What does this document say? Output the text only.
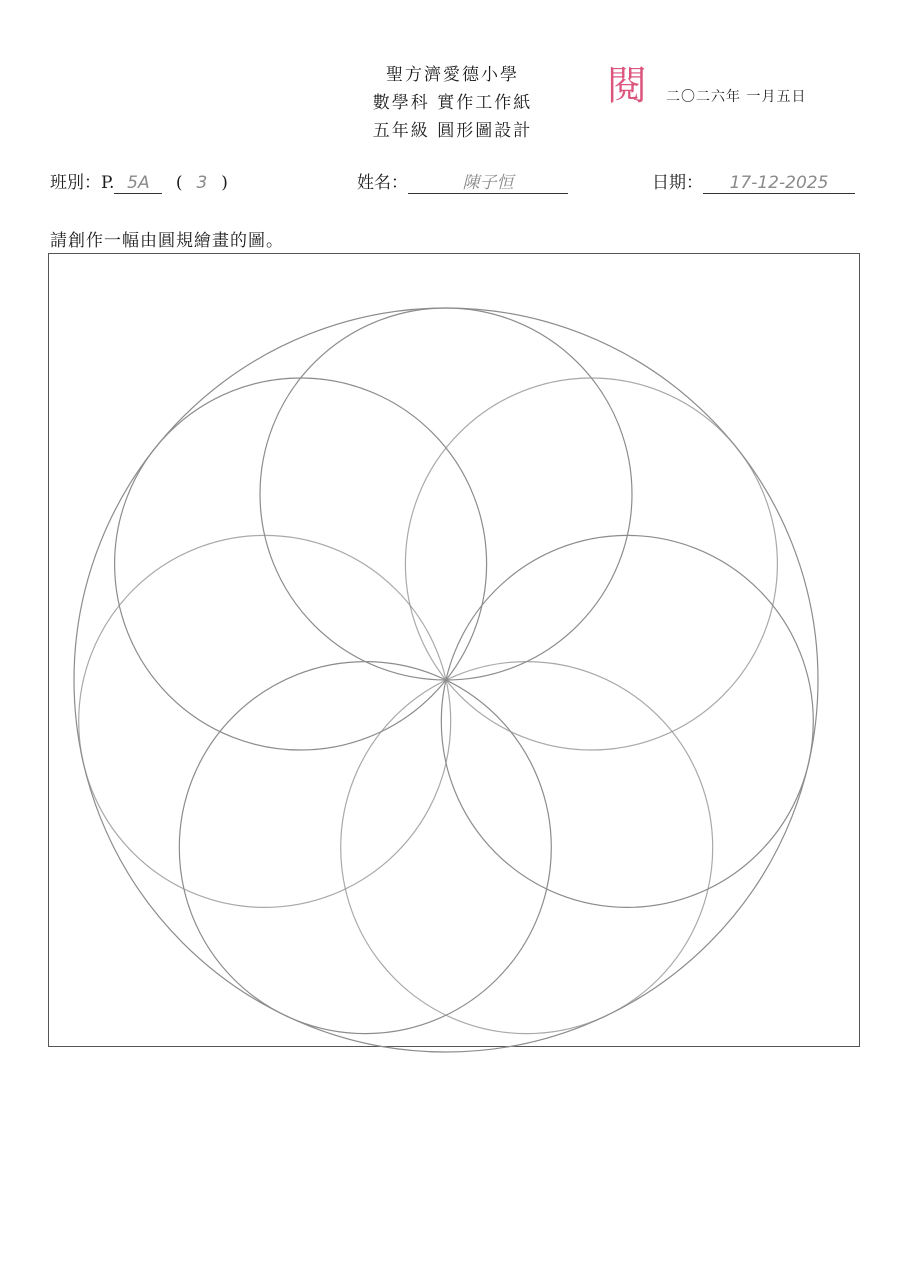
聖方濟愛德小學
數學科 實作工作紙
五年級 圓形圖設計
閱	二〇二六年 一月五日
班別：P. 5A ( 3 )	姓名：	陳子恒	日期： 17-12-2025
請創作一幅由圓規繪畫的圖。
